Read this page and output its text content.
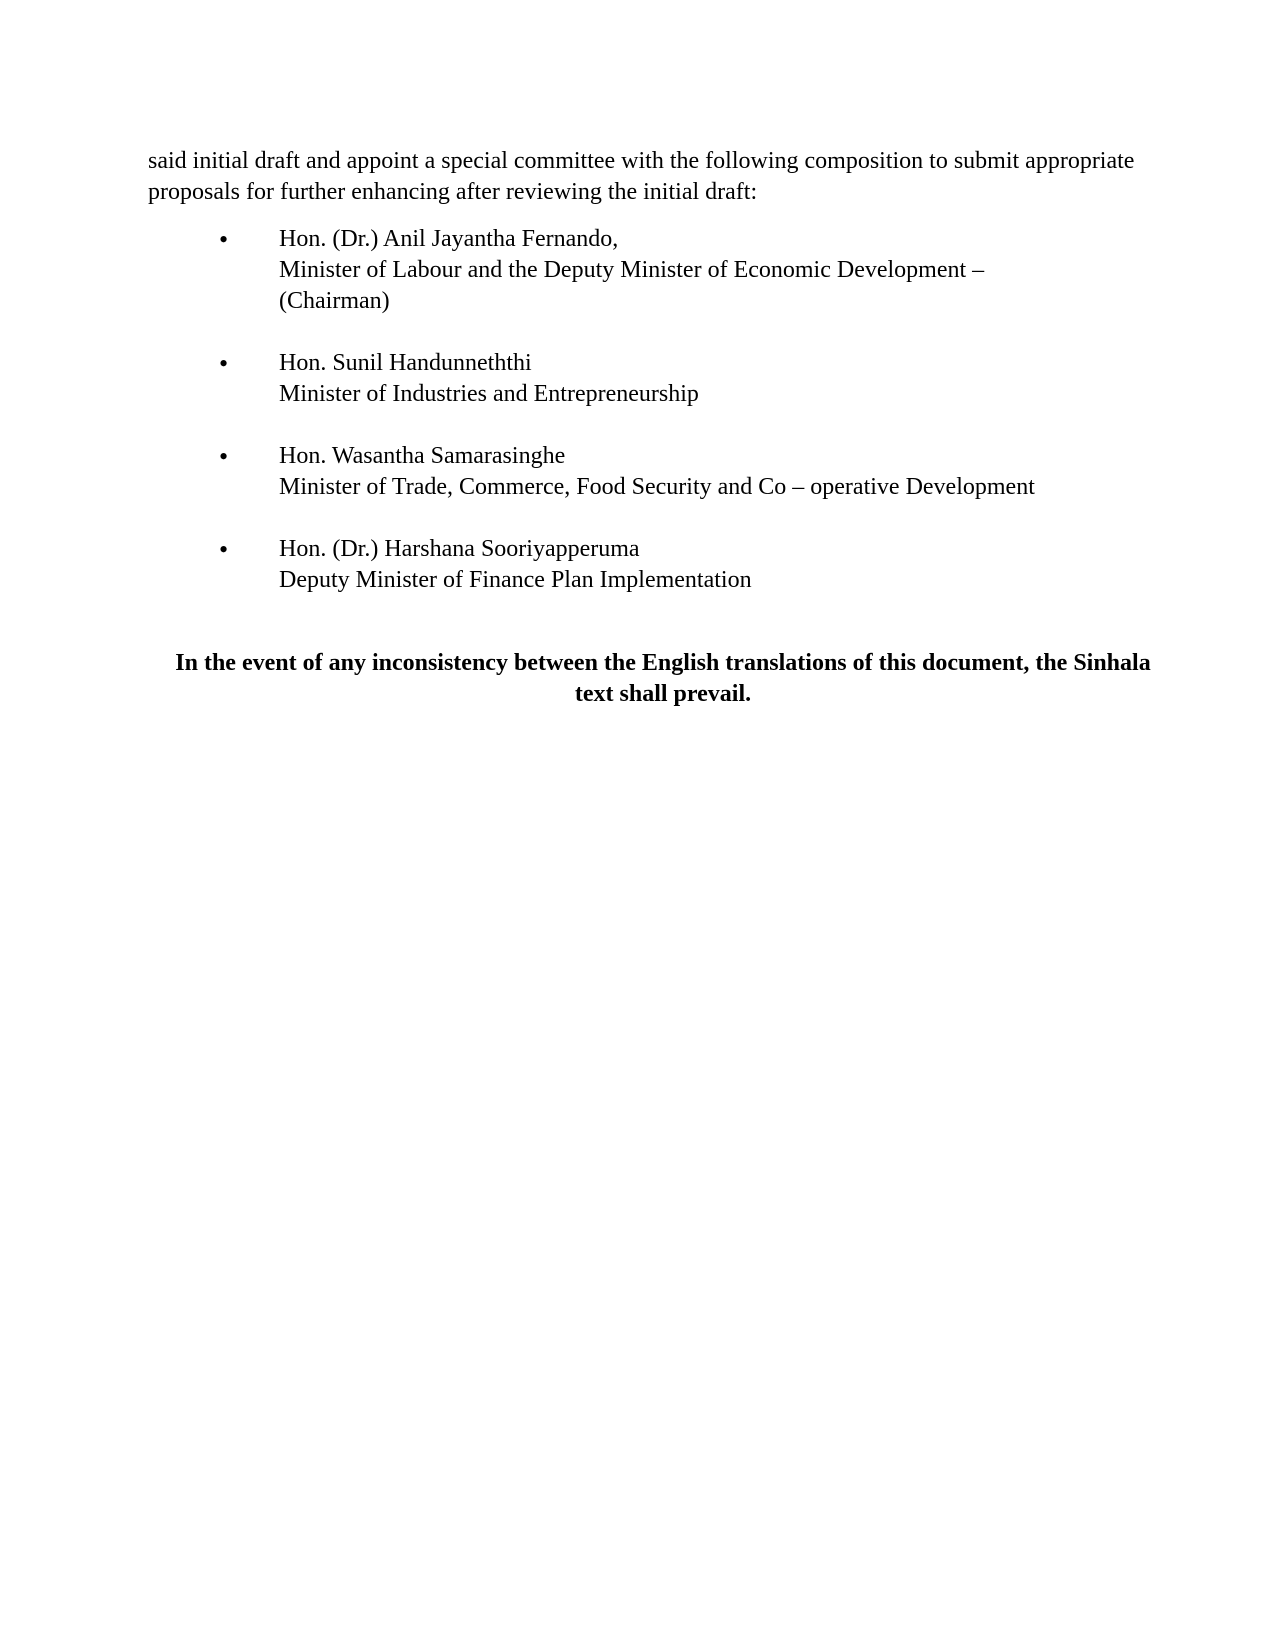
said initial draft and appoint a special committee with the following composition to submit appropriate
proposals for further enhancing after reviewing the initial draft:

• Hon. (Dr.) Anil Jayantha Fernando,
Minister of Labour and the Deputy Minister of Economic Development –
(Chairman)
• Hon. Sunil Handunneththi
Minister of Industries and Entrepreneurship
• Hon. Wasantha Samarasinghe
Minister of Trade, Commerce, Food Security and Co – operative Development
• Hon. (Dr.) Harshana Sooriyapperuma
Deputy Minister of Finance Plan Implementation

In the event of any inconsistency between the English translations of this document, the Sinhala
text shall prevail.
